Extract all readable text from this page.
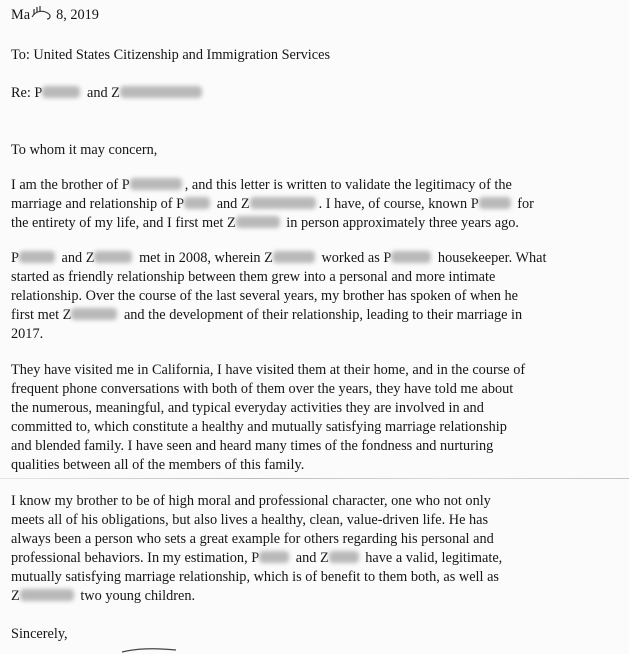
Ma 8, 2019
To: United States Citizenship and Immigration Services
Re: P	and Z
To whom it may concern,
I am the brother of P	, and this letter is written to validate the legitimacy of the
marriage and relationship of P and Z	. I have, of course, known P	for
the entirety of my life, and I first met Z	in person approximately three years ago.
P	and Z	met in 2008, wherein Z	worked as P	housekeeper. What
started as friendly relationship between them grew into a personal and more intimate
relationship. Over the course of the last several years, my brother has spoken of when he
first met Z	and the development of their relationship, leading to their marriage in
2017.
They have visited me in California, I have visited them at their home, and in the course of
frequent phone conversations with both of them over the years, they have told me about
the numerous, meaningful, and typical everyday activities they are involved in and
committed to, which constitute a healthy and mutually satisfying marriage relationship
and blended family. I have seen and heard many times of the fondness and nurturing
qualities between all of the members of this family.
I know my brother to be of high moral and professional character, one who not only
meets all of his obligations, but also lives a healthy, clean, value-driven life. He has
always been a person who sets a great example for others regarding his personal and
professional behaviors. In my estimation, P	and Z	have a valid, legitimate,
mutually satisfying marriage relationship, which is of benefit to them both, as well as
Z	two young children.
Sincerely,
